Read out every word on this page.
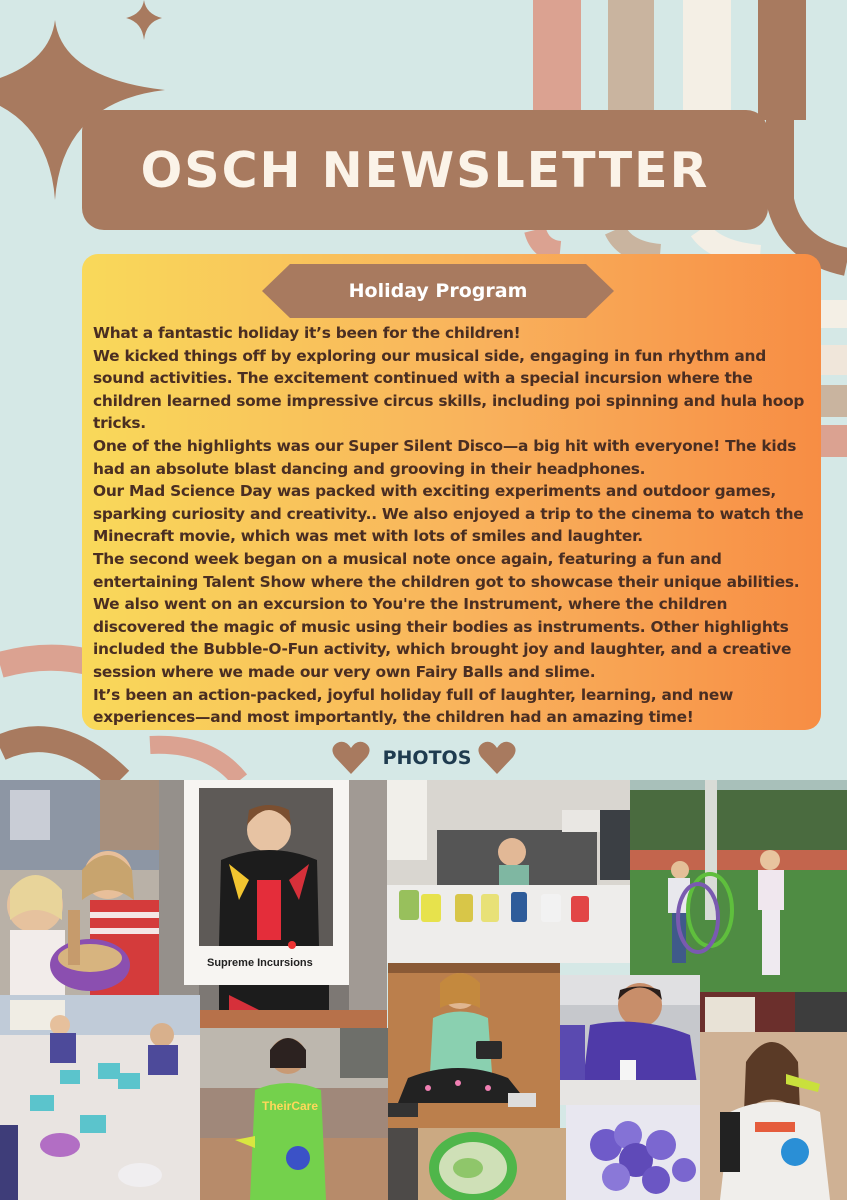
OSCH NEWSLETTER
Holiday Program

What a fantastic holiday it’s been for the children!

We kicked things off by exploring our musical side, engaging in fun rhythm and sound activities. The excitement continued with a special incursion where the children learned some impressive circus skills, including poi spinning and hula hoop tricks.

One of the highlights was our Super Silent Disco—a big hit with everyone! The kids had an absolute blast dancing and grooving in their headphones.

Our Mad Science Day was packed with exciting experiments and outdoor games, sparking curiosity and creativity.. We also enjoyed a trip to the cinema to watch the Minecraft movie, which was met with lots of smiles and laughter.

The second week began on a musical note once again, featuring a fun and entertaining Talent Show where the children got to showcase their unique abilities.

We also went on an excursion to You're the Instrument, where the children discovered the magic of music using their bodies as instruments. Other highlights included the Bubble-O-Fun activity, which brought joy and laughter, and a creative session where we made our very own Fairy Balls and slime.

It’s been an action-packed, joyful holiday full of laughter, learning, and new experiences—and most importantly, the children had an amazing time!

PHOTOS
Supreme Incursions
TheirCare
